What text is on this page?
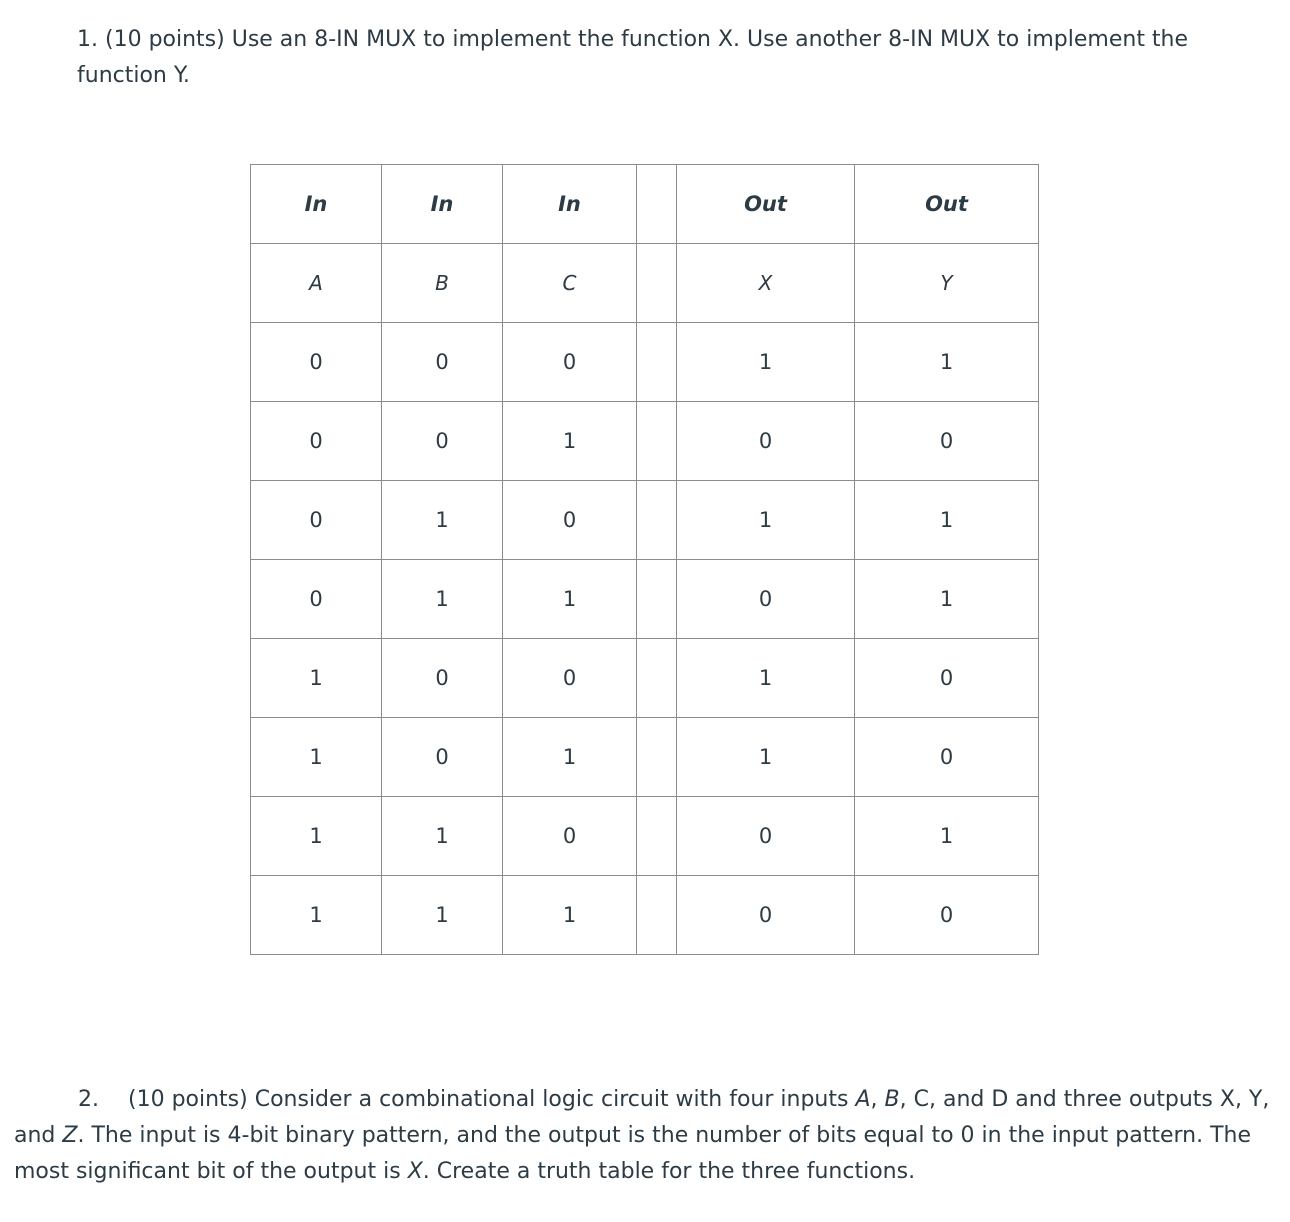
1. (10 points) Use an 8-IN MUX to implement the function X. Use another 8-IN MUX to implement the function Y.

In	In	In		Out	Out
A	B	C		X	Y
0	0	0		1	1
0	0	1		0	0
0	1	0		1	1
0	1	1		0	1
1	0	0		1	0
1	0	1		1	0
1	1	0		0	1
1	1	1		0	0

2. (10 points) Consider a combinational logic circuit with four inputs A, B, C, and D and three outputs X, Y, and Z. The input is 4-bit binary pattern, and the output is the number of bits equal to 0 in the input pattern. The most significant bit of the output is X. Create a truth table for the three functions.
